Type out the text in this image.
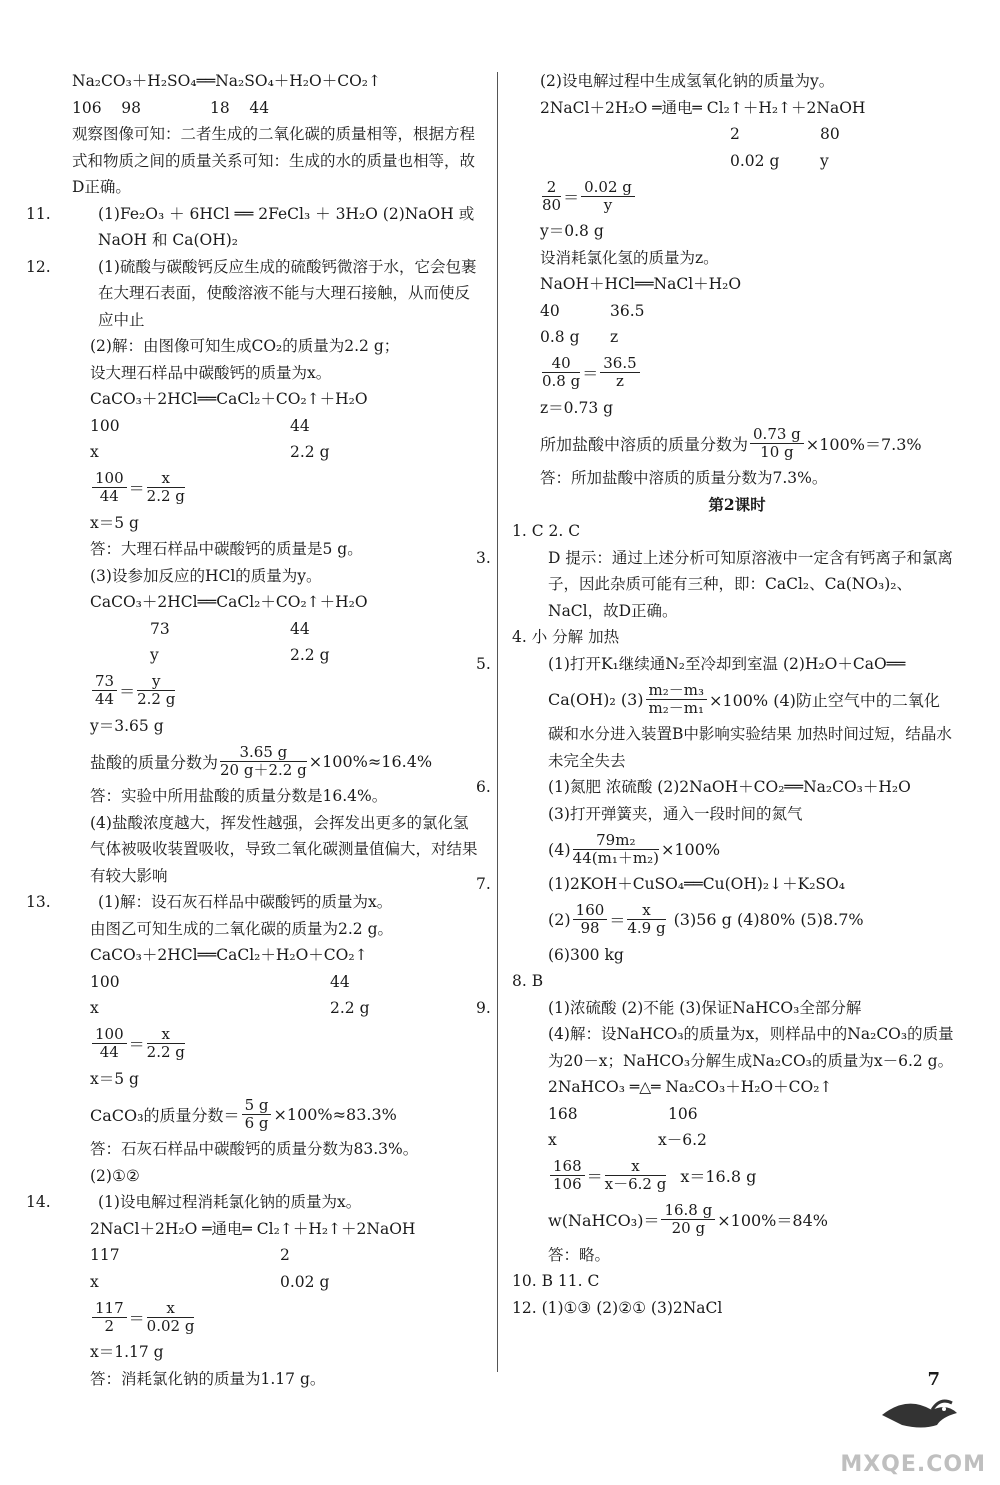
Na₂CO₃＋H₂SO₄══Na₂SO₄＋H₂O＋CO₂↑
106    98              18    44
观察图像可知：二者生成的二氧化碳的质量相等，根据方程式和物质之间的质量关系可知：生成的水的质量也相等，故D正确。
11.	(1)Fe₂O₃ ＋ 6HCl ══ 2FeCl₃ ＋ 3H₂O (2)NaOH 或 NaOH 和 Ca(OH)₂
12.	(1)硫酸与碳酸钙反应生成的硫酸钙微溶于水，它会包裹在大理石表面，使酸溶液不能与大理石接触，从而使反应中止
(2)解：由图像可知生成CO₂的质量为2.2 g；
设大理石样品中碳酸钙的质量为x。
CaCO₃＋2HCl══CaCl₂＋CO₂↑＋H₂O
100	44
x	2.2 g
$\frac{100}{44} = \frac{x}{2.2 g}$
x＝5 g
答：大理石样品中碳酸钙的质量是5 g。
(3)设参加反应的HCl的质量为y。
CaCO₃＋2HCl══CaCl₂＋CO₂↑＋H₂O
73	44
y	2.2 g
$\frac{73}{44} = \frac{y}{2.2 g}$
y＝3.65 g
盐酸的质量分数为 $\frac{3.65 g}{20 g+2.2 g} \times 100\%\approx 16.4\%$
答：实验中所用盐酸的质量分数是16.4%。
(4)盐酸浓度越大，挥发性越强，会挥发出更多的氯化氢气体被吸收装置吸收，导致二氧化碳测量值偏大，对结果有较大影响
13.	(1)解：设石灰石样品中碳酸钙的质量为x。
由图乙可知生成的二氧化碳的质量为2.2 g。
CaCO₃＋2HCl══CaCl₂＋H₂O＋CO₂↑
100	44
x	2.2 g
$\frac{100}{44} = \frac{x}{2.2 g}$
x＝5 g
CaCO₃的质量分数＝ $\frac{5 g}{6 g} \times 100\%\approx 83.3\%$
答：石灰石样品中碳酸钙的质量分数为83.3%。
(2)①②
14.	(1)设电解过程消耗氯化钠的质量为x。
2NaCl＋2H₂O ═通电═ Cl₂↑＋H₂↑＋2NaOH
117	2
x	0.02 g
$\frac{117}{2} = \frac{x}{0.02 g}$
x＝1.17 g
答：消耗氯化钠的质量为1.17 g。
(2)设电解过程中生成氢氧化钠的质量为y。
2NaCl＋2H₂O ═通电═ Cl₂↑＋H₂↑＋2NaOH
2	80
0.02 g	y
$\frac{2}{80} = \frac{0.02 g}{y}$
y＝0.8 g
设消耗氯化氢的质量为z。
NaOH＋HCl══NaCl＋H₂O
40	36.5
0.8 g z
$\frac{40}{0.8 g} = \frac{36.5}{z}$
z＝0.73 g
所加盐酸中溶质的质量分数为 $\frac{0.73 g}{10 g} \times 100\%=7.3\%$
答：所加盐酸中溶质的质量分数为7.3%。
第2课时
1. C 2. C
3.	D 提示：通过上述分析可知原溶液中一定含有钙离子和氯离子，因此杂质可能有三种，即：CaCl₂、Ca(NO₃)₂、NaCl，故D正确。
4. 小 分解 加热
5.	(1)打开K₁继续通N₂至冷却到室温 (2)H₂O＋CaO══
Ca(OH)₂ $(3) \frac{\text{m₂－m₃}}{\text{m₂－m₁}} \times 100\%$ (4)防止空气中的二氧化
碳和水分进入装置B中影响实验结果 加热时间过短，结晶水未完全失去
6.	(1)氮肥 浓硫酸 (2)2NaOH＋CO₂══Na₂CO₃＋H₂O
(3)打开弹簧夹，通入一段时间的氮气
$(4) \frac{\text{79m₂}}{\text{44(m₁＋m₂)}} \times 100\%$
7.	(1)2KOH＋CuSO₄══Cu(OH)₂↓＋K₂SO₄
$(2) \frac{160}{98} = \frac{x}{4.9 g} (3)56$ g (4)80% (5)8.7%
(6)300 kg
8. B
9.	(1)浓硫酸 (2)不能 (3)保证NaHCO₃全部分解
(4)解：设NaHCO₃的质量为x，则样品中的Na₂CO₃的质量为20－x；NaHCO₃分解生成Na₂CO₃的质量为x－6.2 g。
2NaHCO₃ ═△═ Na₂CO₃＋H₂O＋CO₂↑
168	106
x	x－6.2
$\frac{168}{106} = \frac{x}{x-6.2 g} x=16.8$ g
w(NaHCO₃)＝ $\frac{16.8 g}{20 g} \times 100\%=84\%$
答：略。
10. B 11. C
12. (1)①③ (2)②① (3)2NaCl
7
MXQE.COM
